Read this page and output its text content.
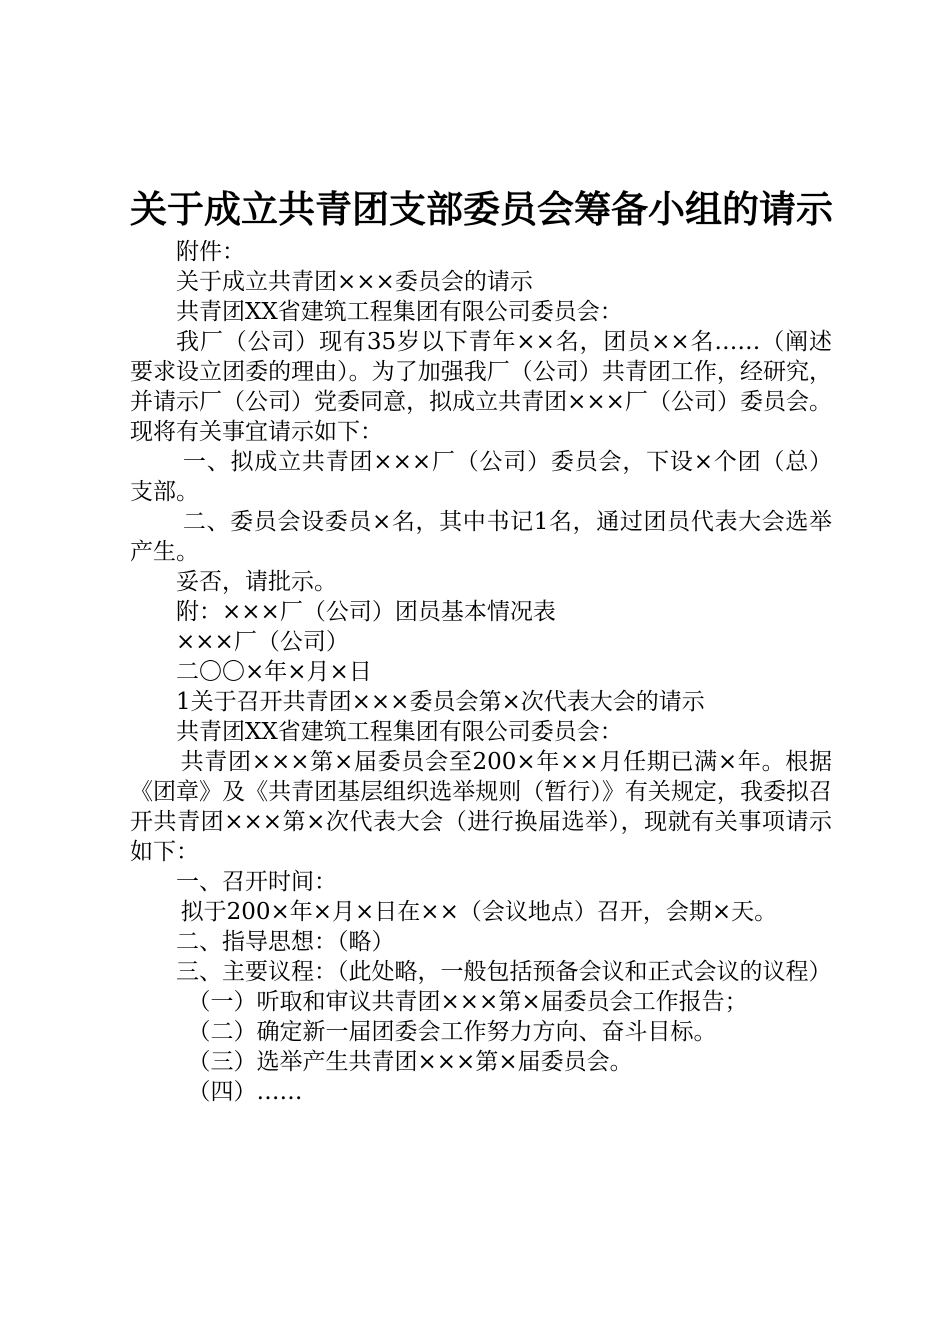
关于成立共青团支部委员会筹备小组的请示

附件：

关于成立共青团×××委员会的请示

共青团XX省建筑工程集团有限公司委员会：

我厂（公司）现有35岁以下青年××名，团员××名……（阐述要求设立团委的理由）。为了加强我厂（公司）共青团工作，经研究，并请示厂（公司）党委同意，拟成立共青团×××厂（公司）委员会。现将有关事宜请示如下：

一、拟成立共青团×××厂（公司）委员会，下设×个团（总）支部。

二、委员会设委员×名，其中书记1名，通过团员代表大会选举产生。

妥否，请批示。

附：×××厂（公司）团员基本情况表

×××厂（公司）

二〇〇×年×月×日

1关于召开共青团×××委员会第×次代表大会的请示

共青团XX省建筑工程集团有限公司委员会：

共青团×××第×届委员会至200×年××月任期已满×年。根据《团章》及《共青团基层组织选举规则（暂行）》有关规定，我委拟召开共青团×××第×次代表大会（进行换届选举），现就有关事项请示如下：

一、召开时间：

拟于200×年×月×日在××（会议地点）召开，会期×天。

二、指导思想：（略）

三、主要议程：（此处略，一般包括预备会议和正式会议的议程）

（一）听取和审议共青团×××第×届委员会工作报告；

（二）确定新一届团委会工作努力方向、奋斗目标。

（三）选举产生共青团×××第×届委员会。

（四）……
